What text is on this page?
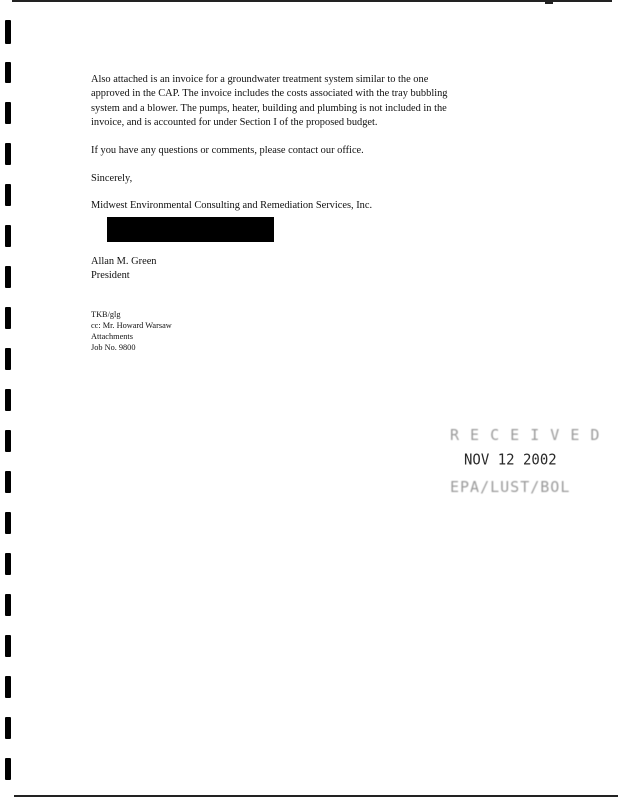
Also attached is an invoice for a groundwater treatment system similar to the one
approved in the CAP. The invoice includes the costs associated with the tray bubbling
system and a blower. The pumps, heater, building and plumbing is not included in the
invoice, and is accounted for under Section I of the proposed budget.

If you have any questions or comments, please contact our office.

Sincerely,

Midwest Environmental Consulting and Remediation Services, Inc.

Allan M. Green

President

TKB/glg
cc: Mr. Howard Warsaw
Attachments
Job No. 9800
R E C E I V E D
NOV 12 2002
EPA/LUST/BOL
